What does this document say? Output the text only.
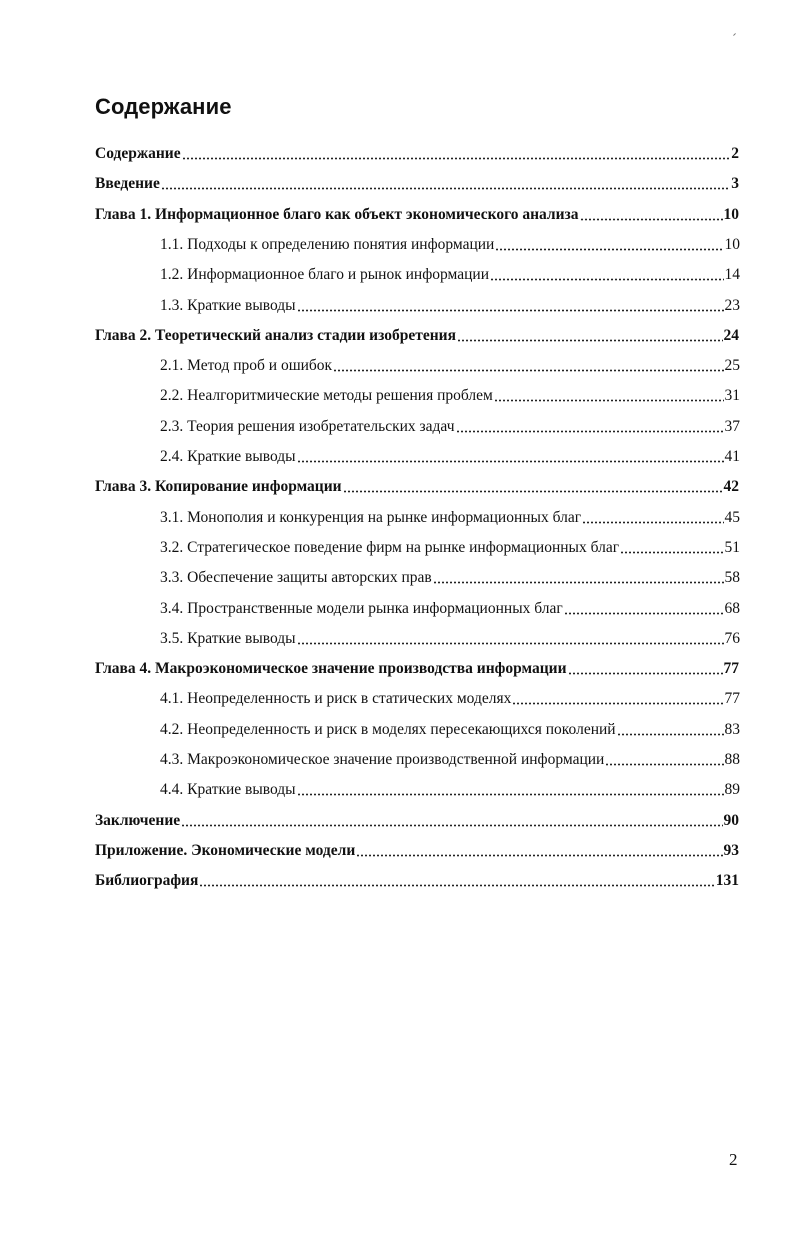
Содержание
Содержание	2
Введение	3
Глава 1. Информационное благо как объект экономического анализа	10
1.1. Подходы к определению понятия информации	10
1.2. Информационное благо и рынок информации	14
1.3. Краткие выводы	23
Глава 2. Теоретический анализ стадии изобретения	24
2.1. Метод проб и ошибок	25
2.2. Неалгоритмические методы решения проблем	31
2.3. Теория решения изобретательских задач	37
2.4. Краткие выводы	41
Глава 3. Копирование информации	42
3.1. Монополия и конкуренция на рынке информационных благ	45
3.2. Стратегическое поведение фирм на рынке информационных благ	51
3.3. Обеспечение защиты авторских прав	58
3.4. Пространственные модели рынка информационных благ	68
3.5. Краткие выводы	76
Глава 4. Макроэкономическое значение производства информации	77
4.1. Неопределенность и риск в статических моделях	77
4.2. Неопределенность и риск в моделях пересекающихся поколений	83
4.3. Макроэкономическое значение производственной информации	88
4.4. Краткие выводы	89
Заключение	90
Приложение. Экономические модели	93
Библиография	131
2
